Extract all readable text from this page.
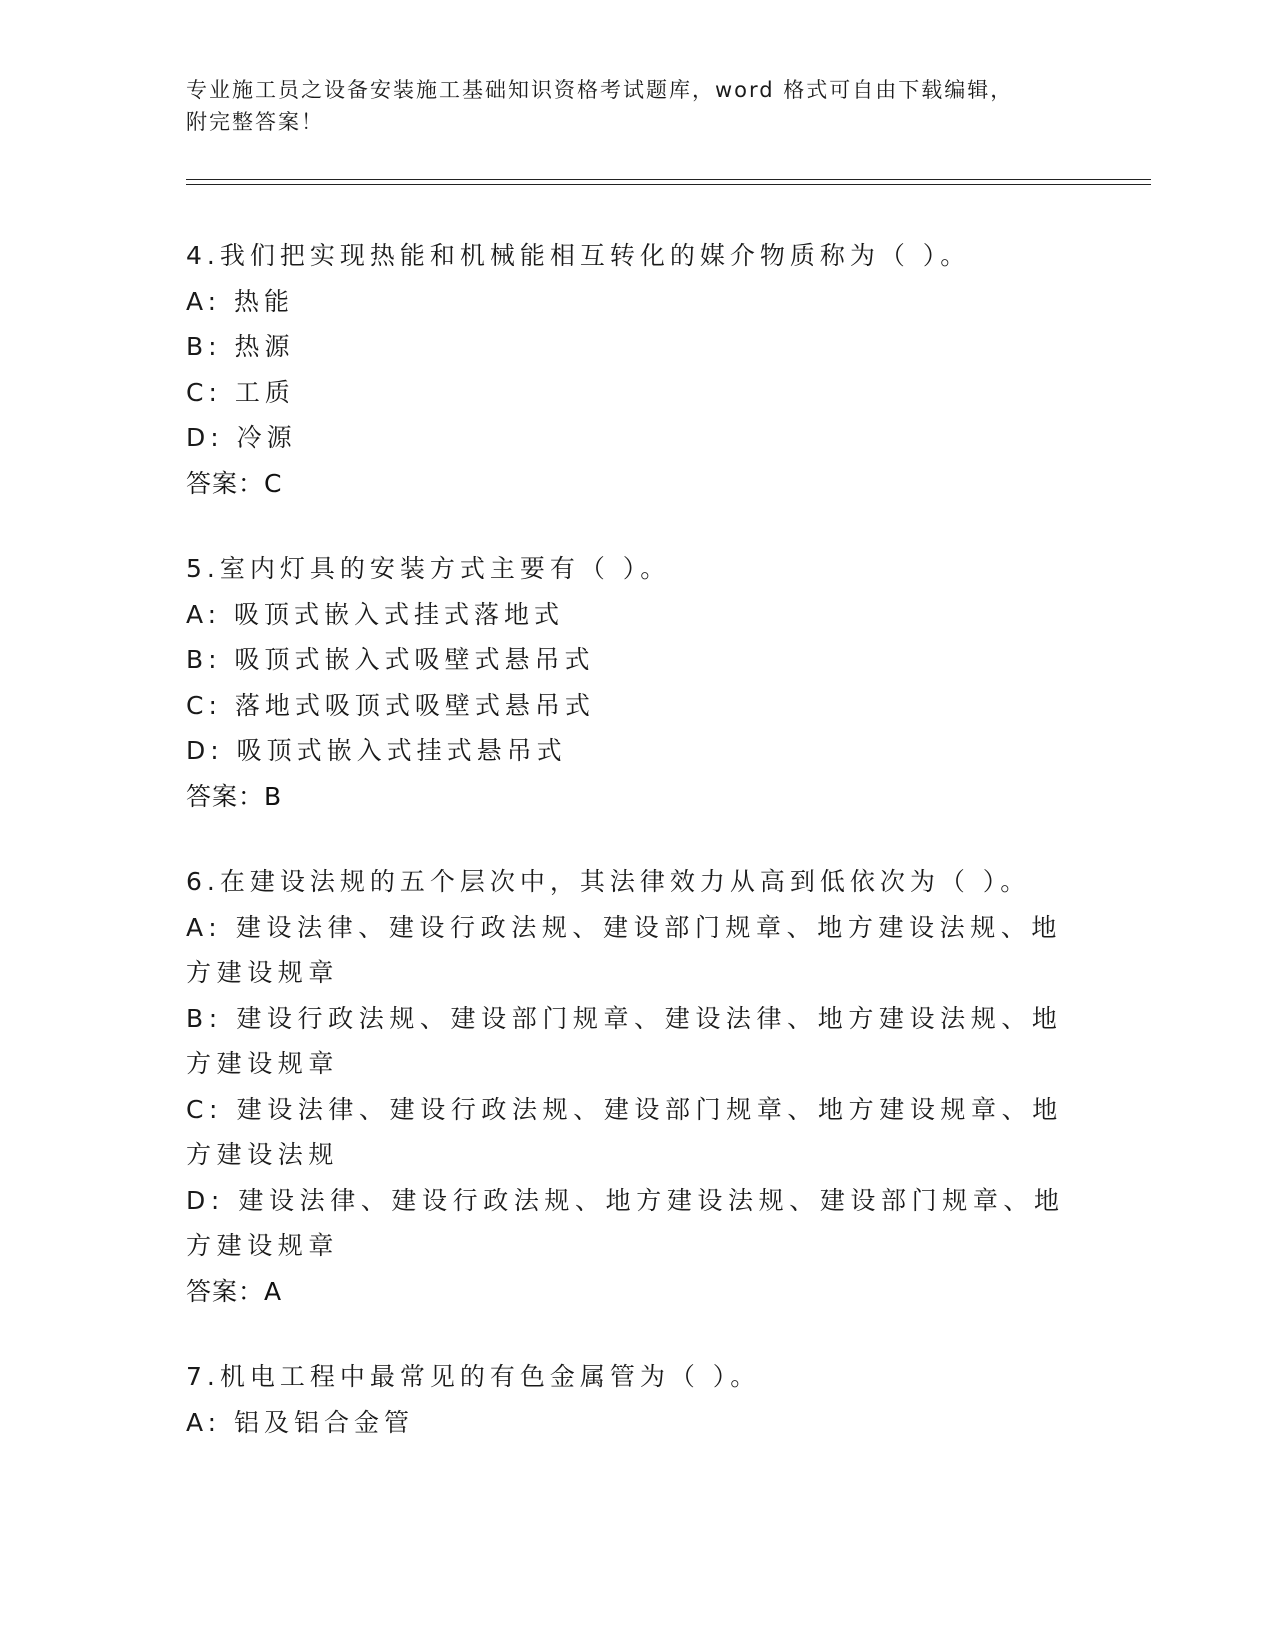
专业施工员之设备安装施工基础知识资格考试题库，word 格式可自由下载编辑，
附完整答案！
4.我们把实现热能和机械能相互转化的媒介物质称为（ ）。
A: 热能
B: 热源
C: 工质
D: 冷源
答案：C
5.室内灯具的安装方式主要有（ ）。
A: 吸顶式嵌入式挂式落地式
B: 吸顶式嵌入式吸壁式悬吊式
C: 落地式吸顶式吸壁式悬吊式
D: 吸顶式嵌入式挂式悬吊式
答案：B
6.在建设法规的五个层次中，其法律效力从高到低依次为（ ）。
A: 建设法律、建设行政法规、建设部门规章、地方建设法规、地方建设规章
B: 建设行政法规、建设部门规章、建设法律、地方建设法规、地方建设规章
C: 建设法律、建设行政法规、建设部门规章、地方建设规章、地方建设法规
D: 建设法律、建设行政法规、地方建设法规、建设部门规章、地方建设规章
答案：A
7.机电工程中最常见的有色金属管为（ ）。
A: 铝及铝合金管
